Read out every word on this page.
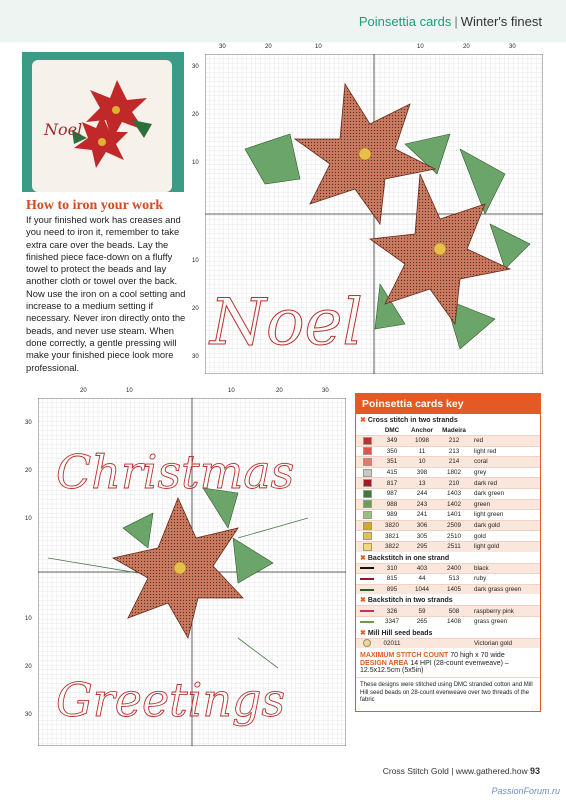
Poinsettia cards | Winter's finest
Noel
How to iron your work
If your finished work has creases and you need to iron it, remember to take extra care over the beads. Lay the finished piece face-down on a fluffy towel to protect the beads and lay another cloth or towel over the back. Now use the iron on a cool setting and increase to a medium setting if necessary. Never iron directly onto the beads, and never use steam. When done correctly, a gentle pressing will make your finished piece look more professional.
Noel
30	20	10	10	20	30
30
20
10
10
20
30
Christmas
Greetings
20	10	10	20	30
30
20
10
10
20
30
Poinsettia cards key
✖ Cross stitch in two strands
DMC	Anchor	Madeira
349	1098	212	red
350	11	213	light red
351	10	214	coral
415	398	1802	grey
817	13	210	dark red
987	244	1403	dark green
988	243	1402	green
989	241	1401	light green
3820	306	2509	dark gold
3821	305	2510	gold
3822	295	2511	light gold
✖ Backstitch in one strand
310	403	2400	black
815	44	513	ruby
895	1044	1405	dark grass green
✖ Backstitch in two strands
326	59	508	raspberry pink
3347	265	1408	grass green
✖ Mill Hill seed beads
02011	Victorian gold
MAXIMUM STITCH COUNT 70 high x 70 wide
DESIGN AREA 14 HPI (28-count evenweave) – 12.5x12.5cm (5x5in)
These designs were stitched using DMC stranded cotton and Mill Hill seed beads on 28-count evenweave over two threads of the fabric
Cross Stitch Gold | www.gathered.how 93
PassionForum.ru
